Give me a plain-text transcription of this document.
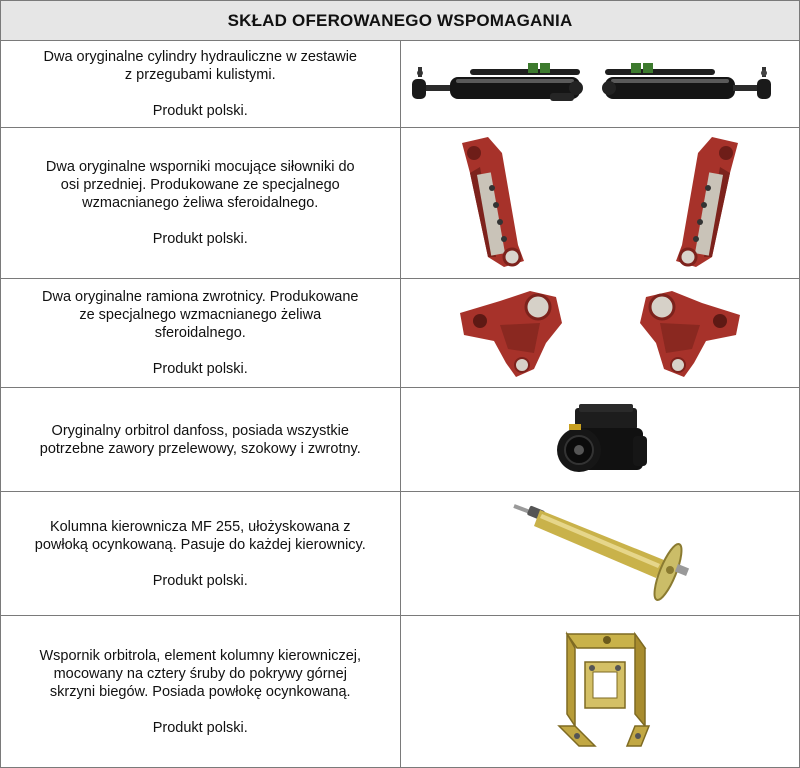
SKŁAD OFEROWANEGO WSPOMAGANIA	

Dwa oryginalne cylindry hydrauliczne w zestawie

z przegubami kulistymi.

Produkt polski.

Dwa oryginalne wsporniki mocujące siłowniki do

osi przedniej. Produkowane ze specjalnego

wzmacnianego żeliwa sferoidalnego.

Produkt polski.

Dwa oryginalne ramiona zwrotnicy. Produkowane

ze specjalnego wzmacnianego żeliwa

sferoidalnego.

Produkt polski.

Oryginalny orbitrol danfoss, posiada wszystkie

potrzebne zawory przelewowy, szokowy i zwrotny.

Kolumna kierownicza MF 255, ułożyskowana z

powłoką ocynkowaną. Pasuje do każdej kierownicy.

Produkt polski.

Wspornik orbitrola, element kolumny kierowniczej,

mocowany na cztery śruby do pokrywy górnej

skrzyni biegów. Posiada powłokę ocynkowaną.

Produkt polski.
